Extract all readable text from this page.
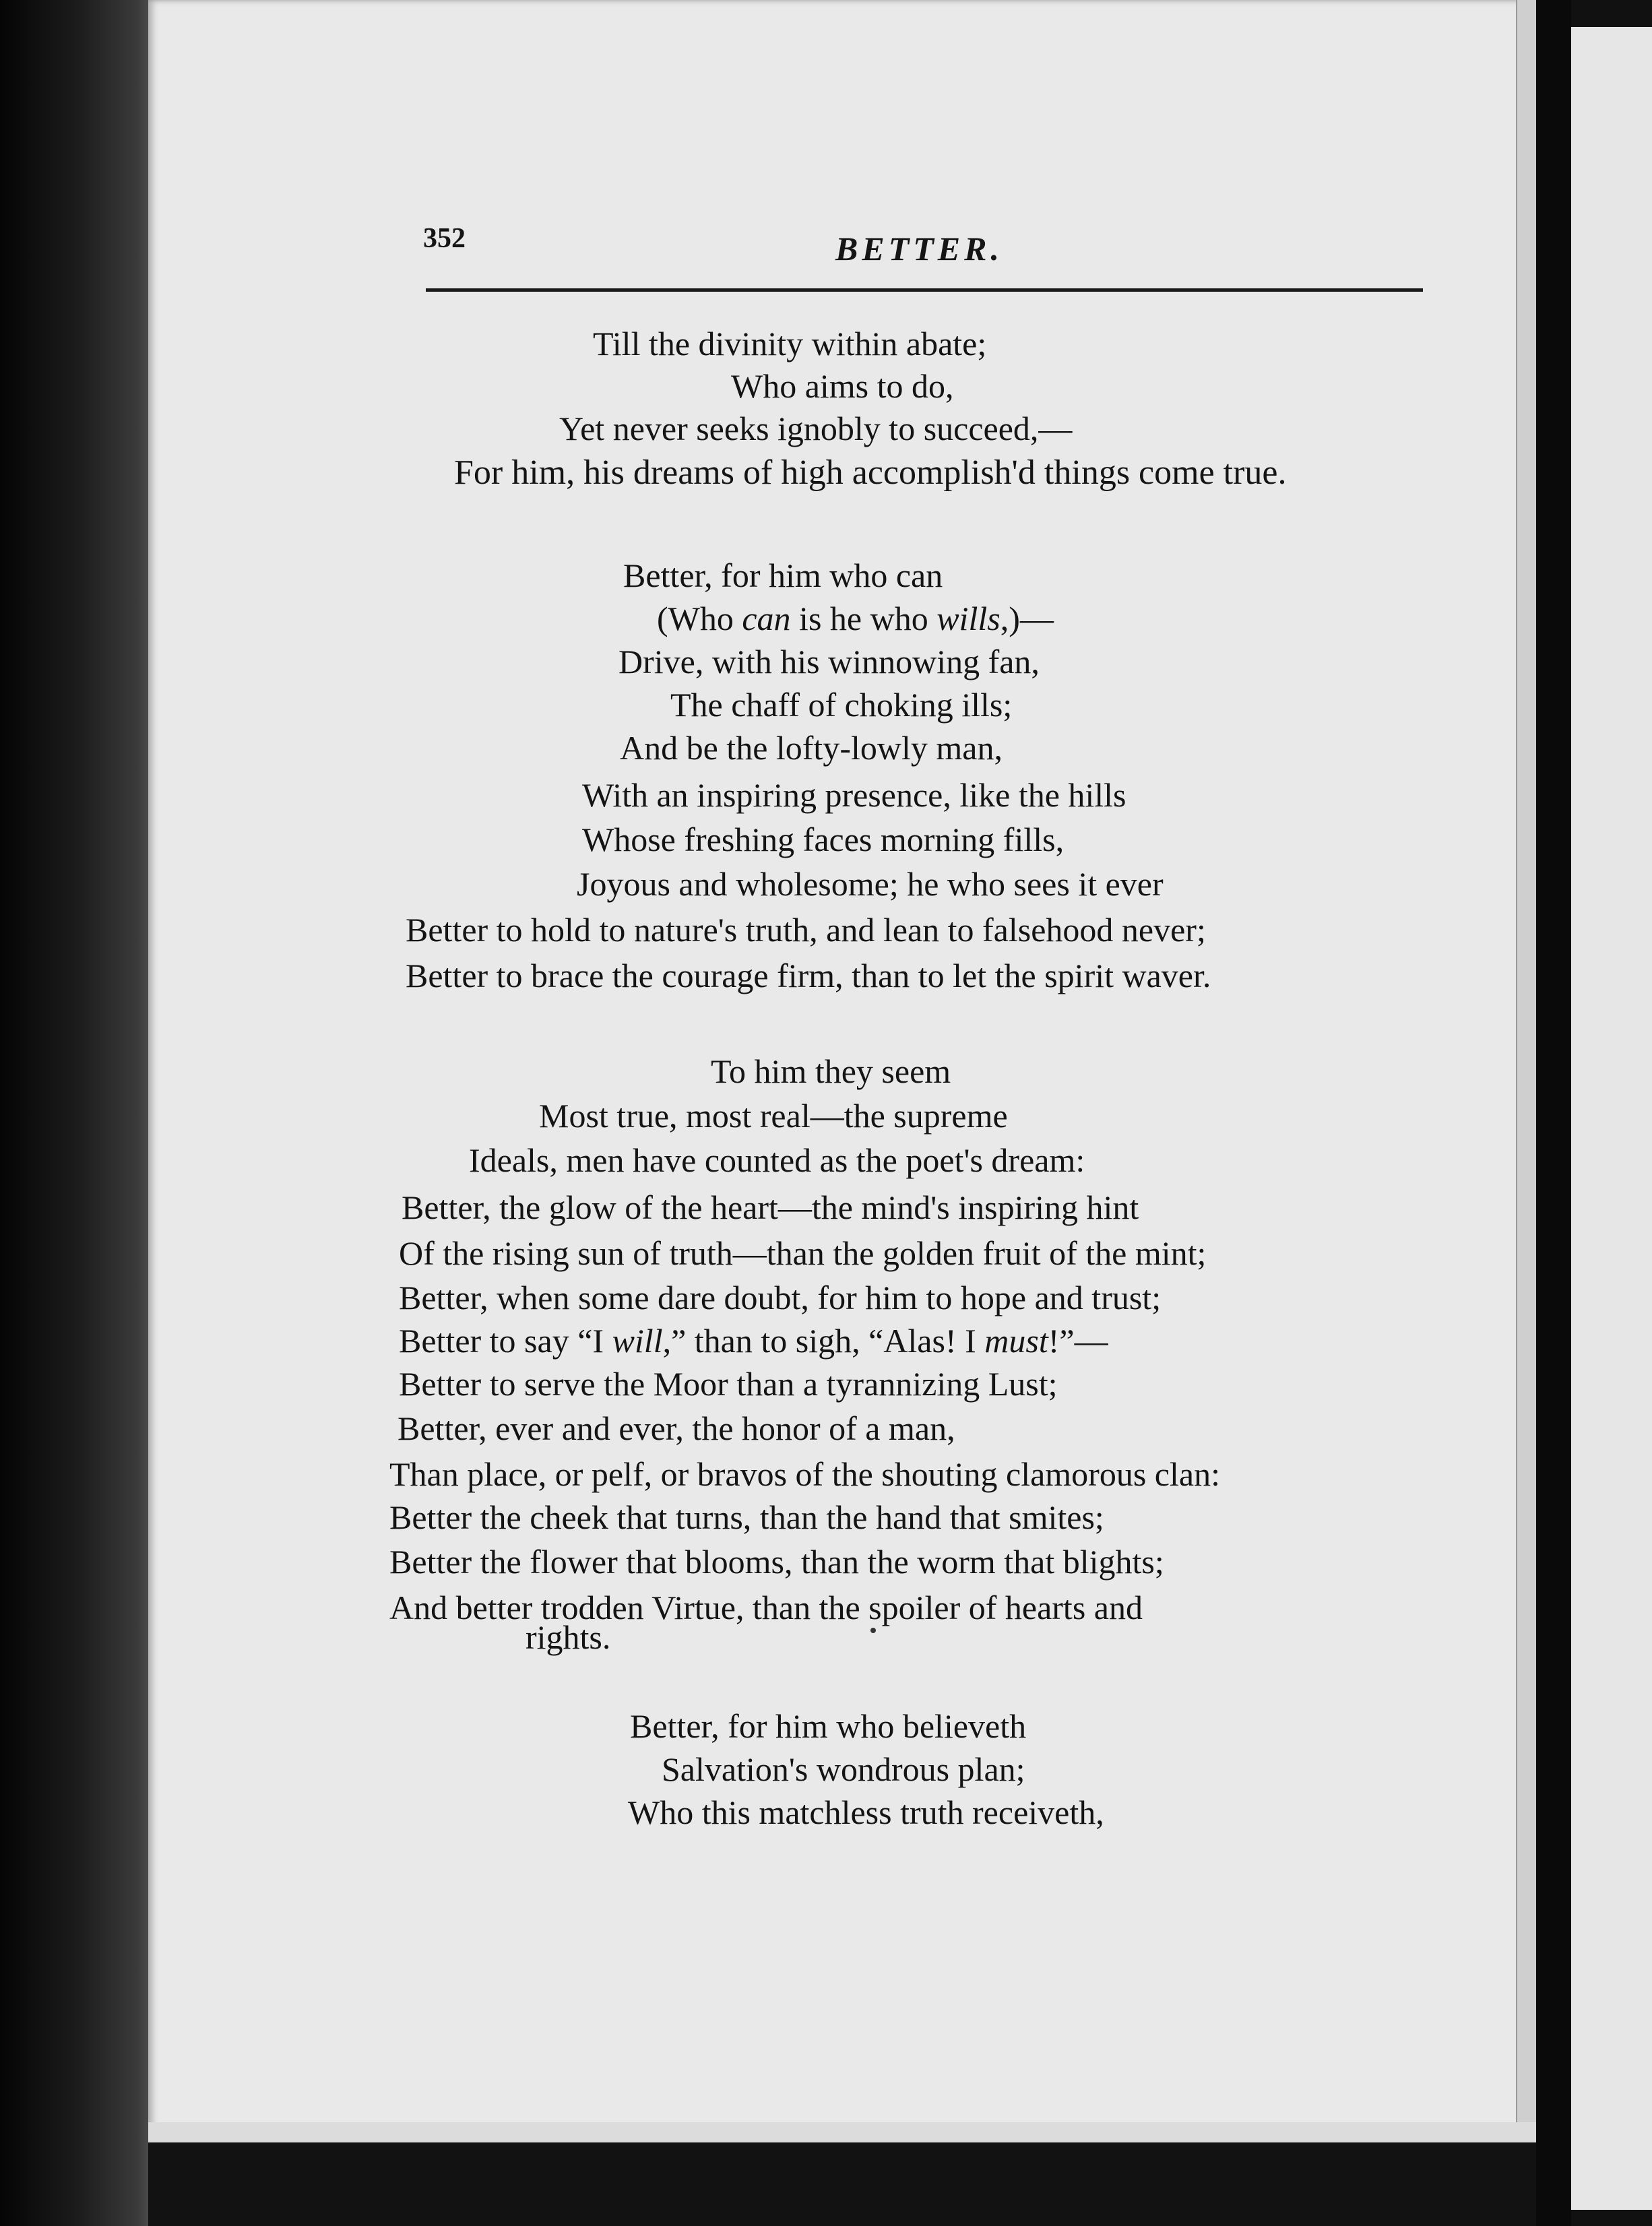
352	BETTER.

Till the divinity within abate;

Who aims to do,

Yet never seeks ignobly to succeed,—

For him, his dreams of high accomplish'd things come true.

Better, for him who can

(Who can is he who wills,)—

Drive, with his winnowing fan,

The chaff of choking ills;

And be the lofty-lowly man,

With an inspiring presence, like the hills

Whose freshing faces morning fills,

Joyous and wholesome; he who sees it ever

Better to hold to nature's truth, and lean to falsehood never;

Better to brace the courage firm, than to let the spirit waver.

To him they seem

Most true, most real—the supreme

Ideals, men have counted as the poet's dream:

Better, the glow of the heart—the mind's inspiring hint

Of the rising sun of truth—than the golden fruit of the mint;

Better, when some dare doubt, for him to hope and trust;

Better to say “I will,” than to sigh, “Alas! I must!”—

Better to serve the Moor than a tyrannizing Lust;

Better, ever and ever, the honor of a man,

Than place, or pelf, or bravos of the shouting clamorous clan:

Better the cheek that turns, than the hand that smites;

Better the flower that blooms, than the worm that blights;

And better trodden Virtue, than the spoiler of hearts and

rights.

Better, for him who believeth

Salvation's wondrous plan;

Who this matchless truth receiveth,
